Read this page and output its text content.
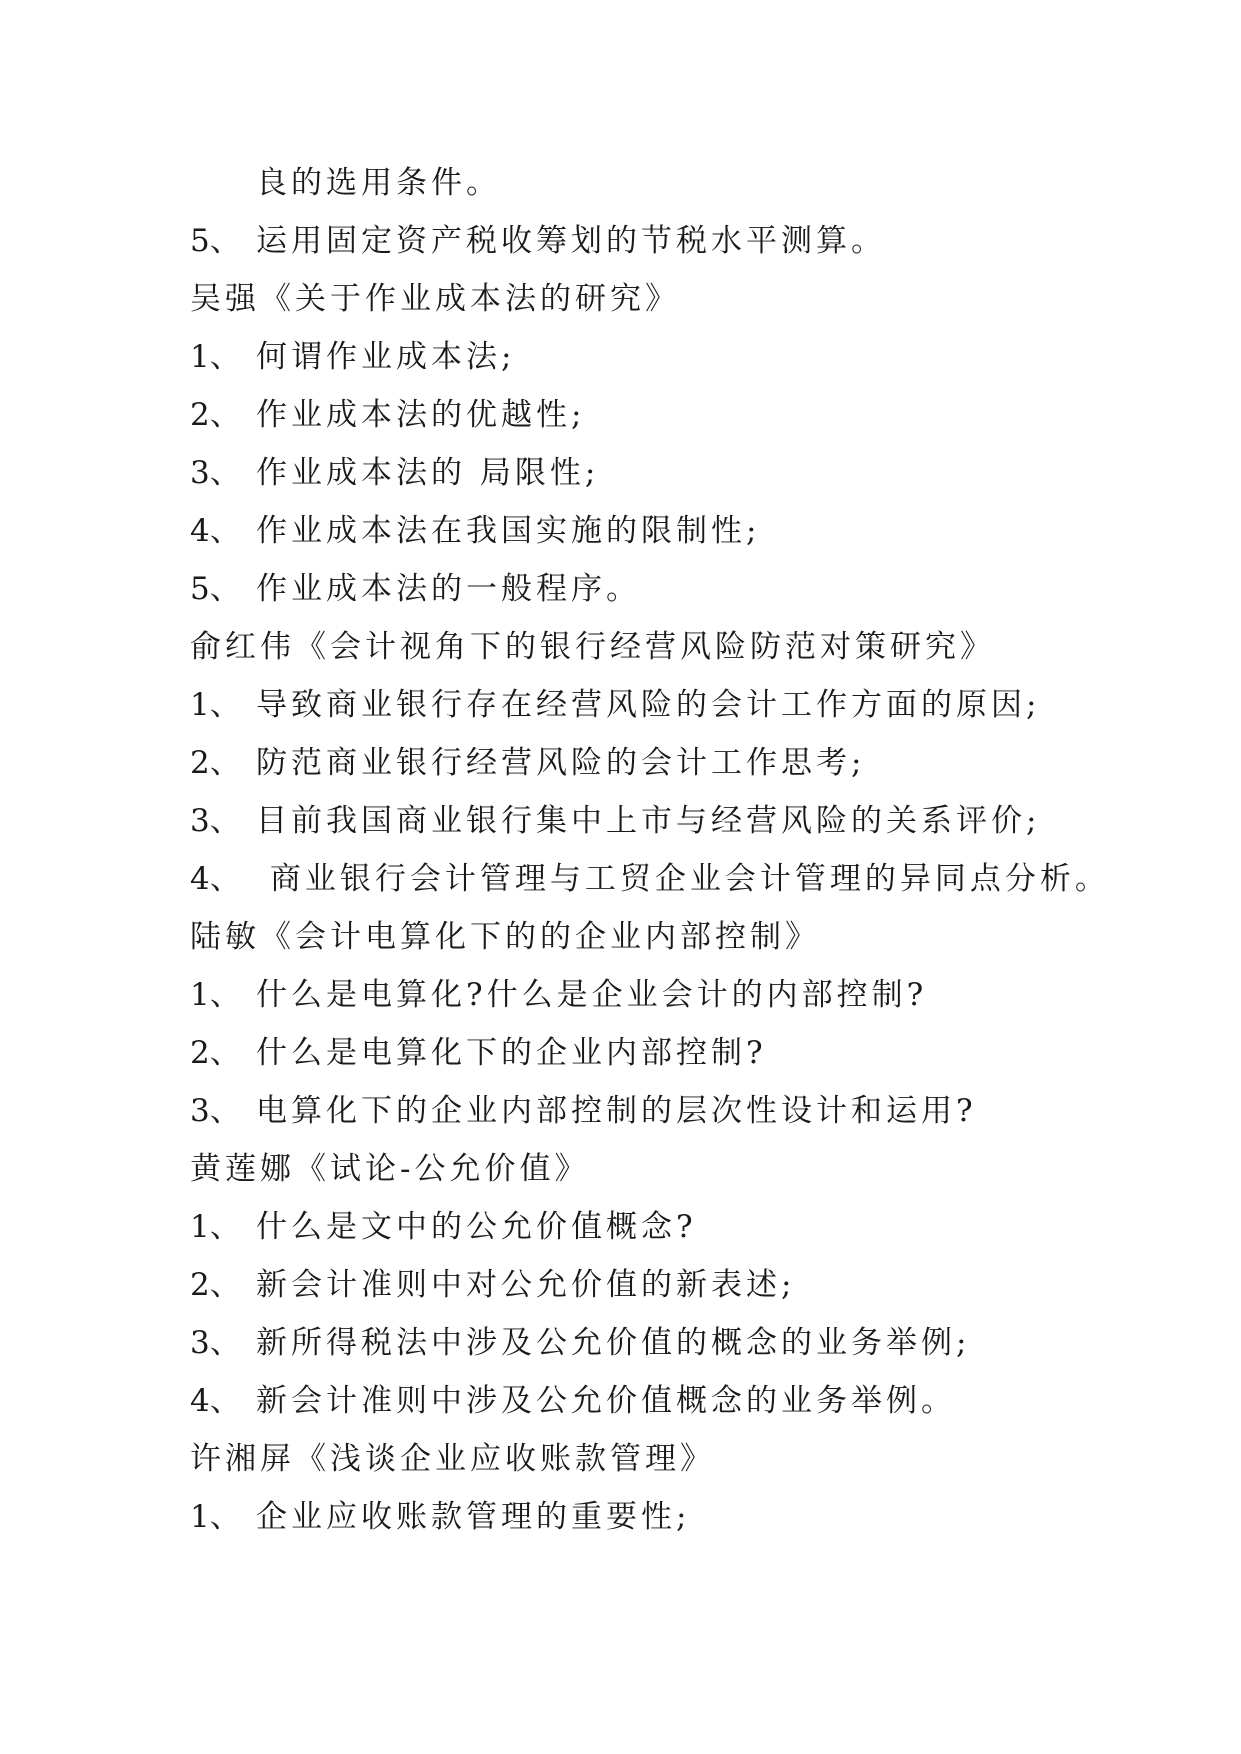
良的选用条件。
5、 运用固定资产税收筹划的节税水平测算。
吴强《关于作业成本法的研究》
1、 何谓作业成本法;
2、 作业成本法的优越性;
3、 作业成本法的 局限性;
4、 作业成本法在我国实施的限制性;
5、 作业成本法的一般程序。
俞红伟《会计视角下的银行经营风险防范对策研究》
1、 导致商业银行存在经营风险的会计工作方面的原因;
2、 防范商业银行经营风险的会计工作思考;
3、 目前我国商业银行集中上市与经营风险的关系评价;
4、 商业银行会计管理与工贸企业会计管理的异同点分析。
陆敏《会计电算化下的的企业内部控制》
1、 什么是电算化?什么是企业会计的内部控制?
2、 什么是电算化下的企业内部控制?
3、 电算化下的企业内部控制的层次性设计和运用?
黄莲娜《试论-公允价值》
1、 什么是文中的公允价值概念?
2、 新会计准则中对公允价值的新表述;
3、 新所得税法中涉及公允价值的概念的业务举例;
4、 新会计准则中涉及公允价值概念的业务举例。
许湘屏《浅谈企业应收账款管理》
1、 企业应收账款管理的重要性;
